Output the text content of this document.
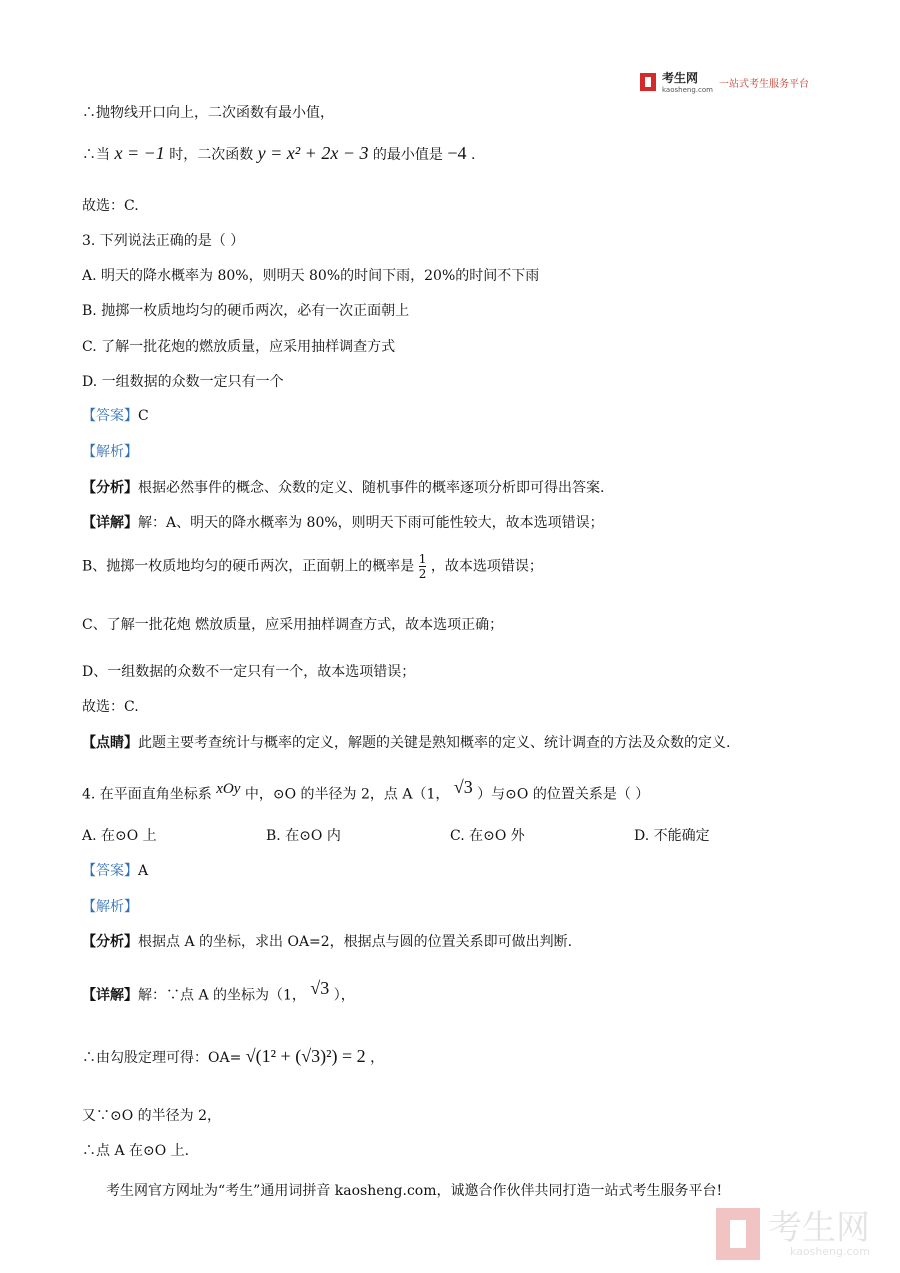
考生网
kaosheng.com
一站式考生服务平台
∴抛物线开口向上，二次函数有最小值，
∴当 x = −1 时，二次函数 y = x² + 2x − 3 的最小值是 −4 .
故选：C.
3. 下列说法正确的是（ ）
A. 明天的降水概率为 80%，则明天 80%的时间下雨，20%的时间不下雨
B. 抛掷一枚质地均匀的硬币两次，必有一次正面朝上
C. 了解一批花炮的燃放质量，应采用抽样调查方式
D. 一组数据的众数一定只有一个
【答案】C
【解析】
【分析】根据必然事件的概念、众数的定义、随机事件的概率逐项分析即可得出答案.
【详解】解：A、明天的降水概率为 80%，则明天下雨可能性较大，故本选项错误；
B、抛掷一枚质地均匀的硬币两次，正面朝上的概率是 $\frac{1}{2}$ ，故本选项错误；
C、了解一批花炮 燃放质量，应采用抽样调查方式，故本选项正确；
D、一组数据的众数不一定只有一个，故本选项错误；
故选：C.
【点睛】此题主要考查统计与概率的定义，解题的关键是熟知概率的定义、统计调查的方法及众数的定义.
4. 在平面直角坐标系 $^{xOy}$ 中，⊙O 的半径为 2，点 A（1， $^{√3}$ ）与⊙O 的位置关系是（ ）
A. 在⊙O 上	B. 在⊙O 内	C. 在⊙O 外	D. 不能确定
【答案】A
【解析】
【分析】根据点 A 的坐标，求出 OA=2，根据点与圆的位置关系即可做出判断.
【详解】解：∵点 A 的坐标为（1， $^{√3}$ ），
∴由勾股定理可得：OA= √(1² + (√3)²) = 2 ，
又∵⊙O 的半径为 2，
∴点 A 在⊙O 上.
考生网官方网址为“考生”通用词拼音 kaosheng.com，诚邀合作伙伴共同打造一站式考生服务平台!
考生网
kaosheng.com
